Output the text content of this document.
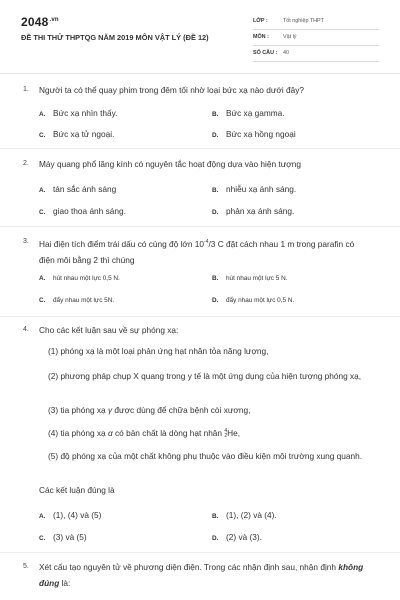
$2048^{.vn}$
ĐỀ THI THỬ THPTQG NĂM 2019 MÔN VẬT LÝ (ĐỀ 12)
LỚP :	Tốt nghiệp THPT
MÔN :	Vật lý
SỐ CÂU : 40
1. Người ta có thể quay phim trong đêm tối nhờ loại bức xạ nào dưới đây?
A. Bức xạ nhìn thấy.	B. Bức xạ gamma.
C. Bức xạ tử ngoại.	D. Bức xạ hồng ngoại
2. Máy quang phổ lăng kính có nguyên tắc hoạt động dựa vào hiện tượng
A. tán sắc ánh sáng	B. nhiễu xạ ánh sáng.
C. giao thoa ánh sáng.	D. phản xạ ánh sáng.
3. Hai điện tích điểm trái dấu có cùng độ lớn $10^{-4}/3$ C đặt cách nhau 1 m trong parafin có điện môi bằng 2 thì chúng
A. hút nhau một lực 0,5 N.	B. hút nhau một lực 5 N.
C. đẩy nhau một lực 5N.	D. đẩy nhau một lực 0,5 N.
4. Cho các kết luận sau về sự phóng xạ:
(1) phóng xạ là một loại phản ứng hạt nhân tỏa năng lượng,
(2) phương pháp chụp X quang trong y tế là một ứng dụng của hiện tượng phóng xạ,
(3) tia phóng xạ γ được dùng để chữa bệnh còi xương,
(4) tia phóng xạ α có bản chất là dòng hạt nhân 4
2He,
(5) độ phóng xạ của một chất không phụ thuộc vào điều kiện môi trường xung quanh.
Các kết luận đúng là
A. (1), (4) và (5)	B. (1), (2) và (4).
C. (3) và (5)	D. (2) và (3).
5. Xét cấu tạo nguyên tử về phương diện điện. Trong các nhận định sau, nhận định không đúng là:
